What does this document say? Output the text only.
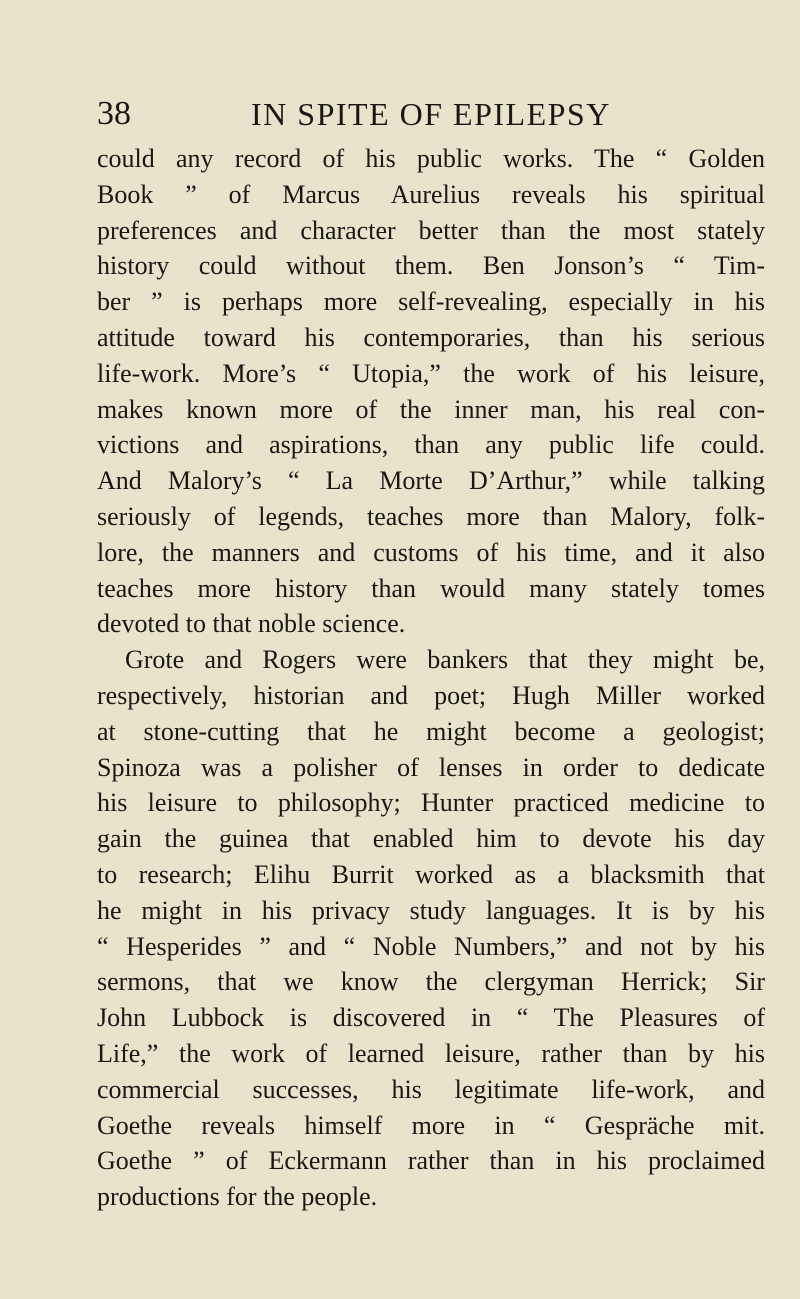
38	IN SPITE OF EPILEPSY
could any record of his public works. The “ Golden
Book ” of Marcus Aurelius reveals his spiritual
preferences and character better than the most stately
history could without them. Ben Jonson’s “ Tim-
ber ” is perhaps more self-revealing, especially in his
attitude toward his contemporaries, than his serious
life-work. More’s “ Utopia,” the work of his leisure,
makes known more of the inner man, his real con-
victions and aspirations, than any public life could.
And Malory’s “ La Morte D’Arthur,” while talking
seriously of legends, teaches more than Malory, folk-
lore, the manners and customs of his time, and it also
teaches more history than would many stately tomes
devoted to that noble science.
Grote and Rogers were bankers that they might be,
respectively, historian and poet; Hugh Miller worked
at stone-cutting that he might become a geologist;
Spinoza was a polisher of lenses in order to dedicate
his leisure to philosophy; Hunter practiced medicine to
gain the guinea that enabled him to devote his day
to research; Elihu Burrit worked as a blacksmith that
he might in his privacy study languages. It is by his
“ Hesperides ” and “ Noble Numbers,” and not by his
sermons, that we know the clergyman Herrick; Sir
John Lubbock is discovered in “ The Pleasures of
Life,” the work of learned leisure, rather than by his
commercial successes, his legitimate life-work, and
Goethe reveals himself more in “ Gespräche mit.
Goethe ” of Eckermann rather than in his proclaimed
productions for the people.
